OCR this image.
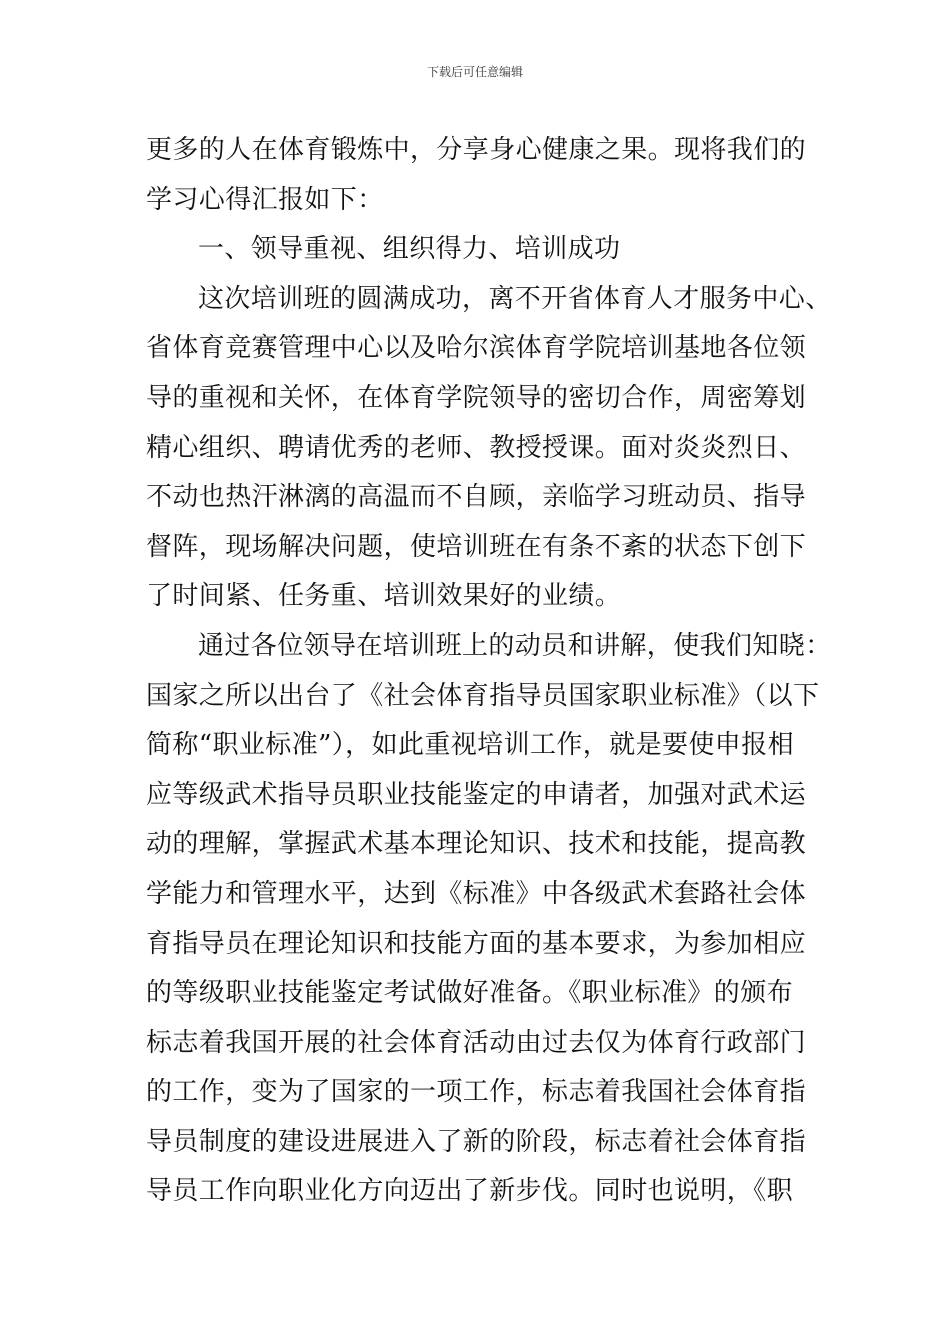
下载后可任意编辑
更多的人在体育锻炼中，分享身心健康之果。现将我们的
学习心得汇报如下：
一、领导重视、组织得力、培训成功
这次培训班的圆满成功，离不开省体育人才服务中心、
省体育竞赛管理中心以及哈尔滨体育学院培训基地各位领
导的重视和关怀，在体育学院领导的密切合作，周密筹划
精心组织、聘请优秀的老师、教授授课。面对炎炎烈日、
不动也热汗淋漓的高温而不自顾，亲临学习班动员、指导
督阵，现场解决问题，使培训班在有条不紊的状态下创下
了时间紧、任务重、培训效果好的业绩。
通过各位领导在培训班上的动员和讲解，使我们知晓：
国家之所以出台了《社会体育指导员国家职业标准》（以下
简称“职业标准”），如此重视培训工作，就是要使申报相
应等级武术指导员职业技能鉴定的申请者，加强对武术运
动的理解，掌握武术基本理论知识、技术和技能，提高教
学能力和管理水平，达到《标准》中各级武术套路社会体
育指导员在理论知识和技能方面的基本要求，为参加相应
的等级职业技能鉴定考试做好准备。《职业标准》的颁布
标志着我国开展的社会体育活动由过去仅为体育行政部门
的工作，变为了国家的一项工作，标志着我国社会体育指
导员制度的建设进展进入了新的阶段，标志着社会体育指
导员工作向职业化方向迈出了新步伐。同时也说明，《职
